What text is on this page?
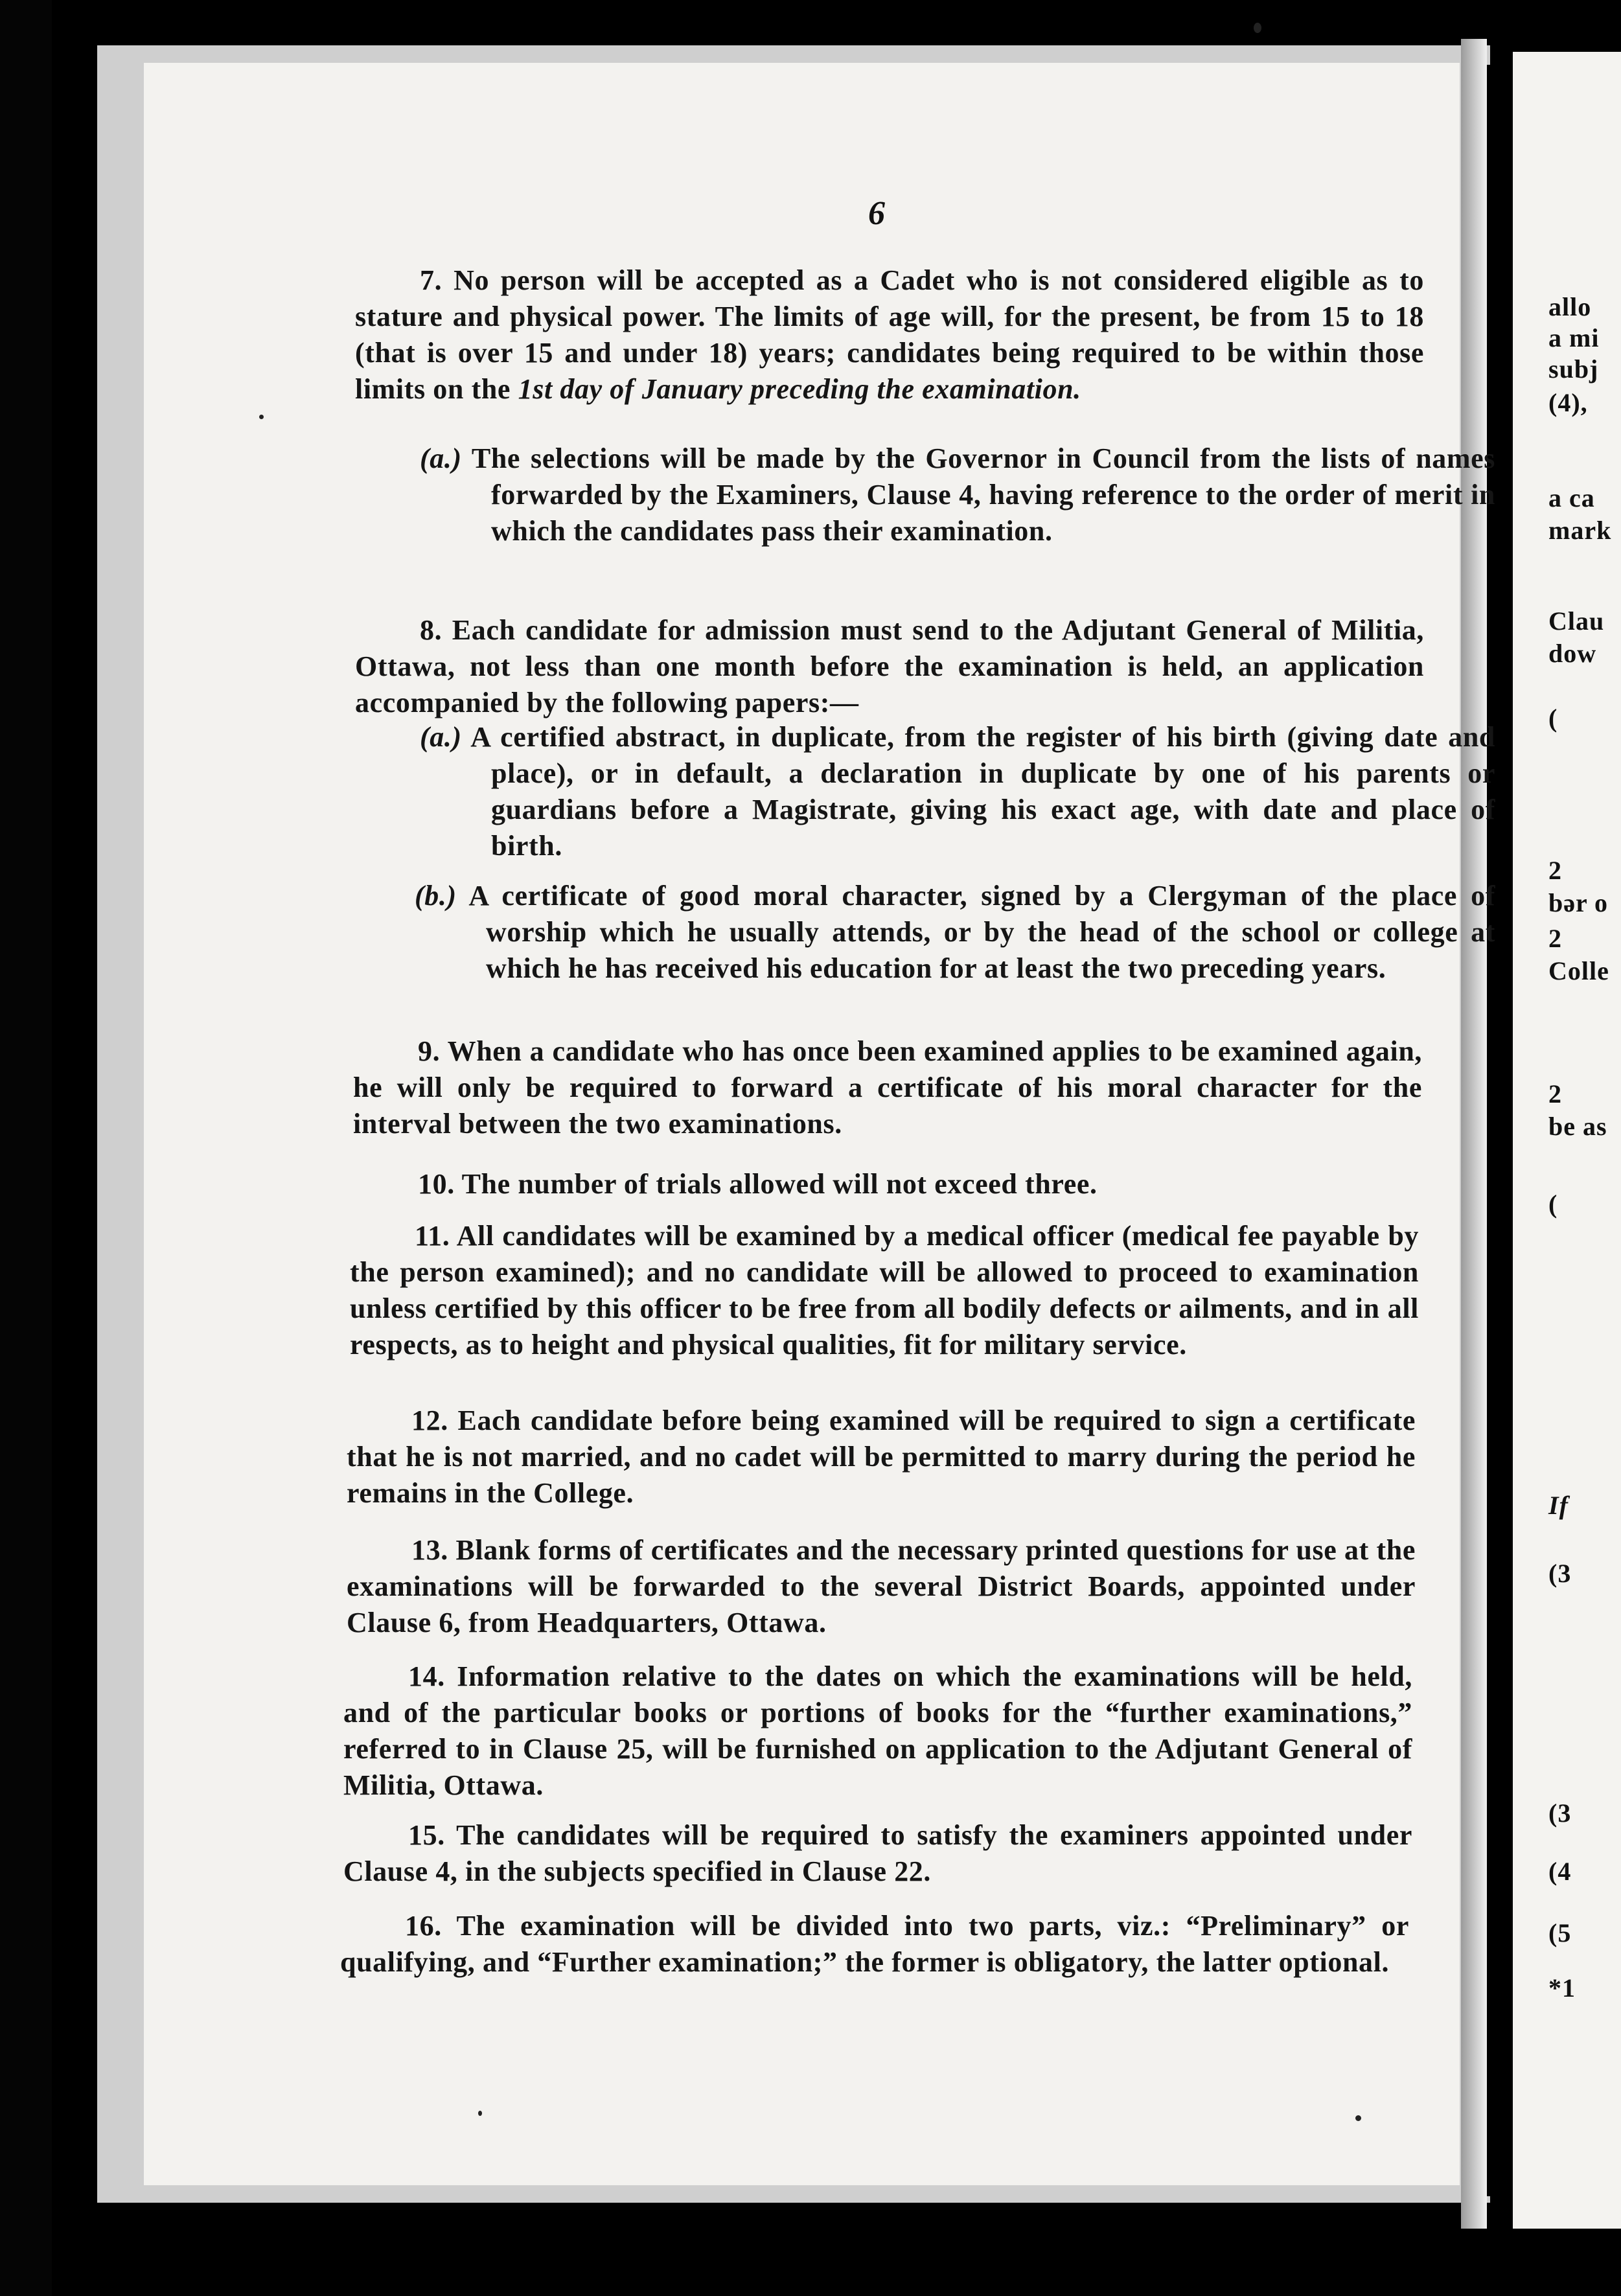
allo
a mi
subj
(4),
a ca
mark
Clau
dow
(
2
bər o
2
Colle
2
be as
(
If
(3
(3
(4
(5
*1
6

7. No person will be accepted as a Cadet who is not considered eligible as to stature and physical power. The limits of age will, for the present, be from 15 to 18 (that is over 15 and under 18) years; candidates being required to be within those limits on the 1st day of January preceding the examination.

(a.) The selections will be made by the Governor in Council from the lists of names forwarded by the Examiners, Clause 4, having reference to the order of merit in which the candidates pass their examination.

8. Each candidate for admission must send to the Adjutant General of Militia, Ottawa, not less than one month before the examination is held, an application accompanied by the following papers:—

(a.) A certified abstract, in duplicate, from the register of his birth (giving date and place), or in default, a declaration in duplicate by one of his parents or guardians before a Magistrate, giving his exact age, with date and place of birth.

(b.) A certificate of good moral character, signed by a Clergyman of the place of worship which he usually attends, or by the head of the school or college at which he has received his education for at least the two preceding years.

9. When a candidate who has once been examined applies to be examined again, he will only be required to forward a certificate of his moral character for the interval between the two examinations.

10. The number of trials allowed will not exceed three.

11. All candidates will be examined by a medical officer (medical fee payable by the person examined); and no candidate will be allowed to proceed to examination unless certified by this officer to be free from all bodily defects or ailments, and in all respects, as to height and physical qualities, fit for military service.

12. Each candidate before being examined will be required to sign a certificate that he is not married, and no cadet will be permitted to marry during the period he remains in the College.

13. Blank forms of certificates and the necessary printed questions for use at the examinations will be forwarded to the several District Boards, appointed under Clause 6, from Headquarters, Ottawa.

14. Information relative to the dates on which the examinations will be held, and of the particular books or portions of books for the “further examinations,” referred to in Clause 25, will be furnished on application to the Adjutant General of Militia, Ottawa.

15. The candidates will be required to satisfy the examiners appointed under Clause 4, in the subjects specified in Clause 22.

16. The examination will be divided into two parts, viz.: “Preliminary” or qualifying, and “Further examination;” the former is obligatory, the latter optional.
